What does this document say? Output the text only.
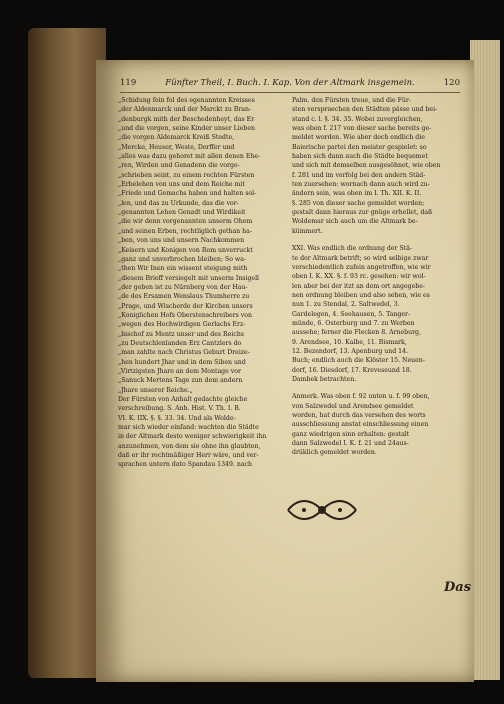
119	Fünfter Theil, I. Buch. I. Kap. Von der Altmark insgemein.	120
„Schidung fein fol des egenannten Kreisses
„der Aldenmarck und der Marckt zu Bran-
„denburgk mith der Beschedenheyt, das Er
„und die vorgen, seine Kinder unser Lieben
„die vorgen Aldemarck Kreiß Stedte,
„Mercke, Heuser, Weste, Dorffer und
„alles was dazu gehoret mit allen denen Ehe-
„ren, Wirden und Genadenn die vorge-
„schrieben seint, zu einem rechten Fürsten
„Erbelehen von uns und dem Reiche mit
„Friede und Gemachs haben und halten sol-
„len, und das zu Urkunde, das die vor-
„genannten Lehen Genadt und Wirdikeit
„die wir denn vorgenannten unserm Ohem
„und seinen Erben, rechtliglich gethan ha-
„ben, von uns und unsern Nachkommen
„Keisern und Konigen von Rom unverruckt
„ganz und unverbrochen bleiben; So wa-
„then Wir Inen ein wissent steigung mith
„diesem Brieff versiegelt mit unserm Insigell
„der geben ist zu Nürnberg von der Hau-
„de des Ersamen Wenslaus Thumherre zu
„Prage, und Wischerde der Kirchen unsers
„Koniglichen Hofs Oberstenschreibers von
„wegen des Hochwirdigen Gerlachs Erz-
„bischof zu Mentz unser und des Reichs
„zu Deutschlenlanden Erz Cantzlers do
„man zahlte nach Christus Geburt Dreize-
„hen hundert Jhar und in dem Siben und
„Virtzigsten Jhare an dem Montage vor
„Sanuck Mertens Tage zun dem andern
„Jhare unserer Reiche.„
Der Fürsten von Anhalt gedachte gleiche
verschreibung. S. Anh. Hist. V. Th. I. B.
VI. K. IIX. §. §. 33. 34. Und als Wolde-
mar sich wieder einfand: wachten die Städte
in der Altmark desto weniger schwierigkeit ihn
anzunehmen, von dem sie ohne ihn glaubten,
daß er ihr rechtmäßiger Herr wäre, und ver-
sprachen untern dato Spandau 1349. nach
Palm. den Fürsten treue, und die Für-
sten verspraechen den Städten pässe und bei-
stand c. l. §. 34. 35. Wobei zuvergleichen,
was oben f. 217 von dieser sache bereits ge-
meldet worden. Wie aber doch endlich die
Baierische partei den meister gespielet: so
haben sich dann auch die Städte bequemet
und sich mit demselben ausgesöhnet, wie oben
f. 281 und im verfolg bei den andern Städ-
ten zuersehen: wornach dann auch wird zu-
ändern sein, was oben im I. Th. XII. K. II.
§. 285 von dieser sache gemeldet worden;
gestalt dann hieraus zur gnüge erhellet, daß
Woldemar sich auch um die Altmark be-
kümmert.
XXI. Was endlich die ordnung der Stä-
te der Altmark betrift; so wird selbige zwar
verschiedentlich zufein angetroffen, wie wir
oben I. K. XX. §. f. 93 rc. gesehen: wir wol-
len aber bei der itzt an dem ort angegebe-
nen ordnung bleiben und also sehen, wie es
nun 1. zu Stendal, 2. Saltwedel, 3.
Gardelegen, 4. Seehausen, 5. Tanger-
münde, 6. Osterburg und 7. zu Werben
aussehe; ferner die Flecken 8. Arneburg,
9. Arendsee, 10. Kalbe, 11. Bismark,
12. Bezendorf, 13. Apenburg und 14.
Buch; endlich auch die Klöster 15. Neuen-
dorf, 16. Diesdorf, 17. Kreveseund 18.
Dambek betrachten.
Anmerk. Was oben f. 92 unten u. f. 99 oben,
von Salzwedel und Arendsee gemeldet
worden, hat durch das versehen des worts
ausschliessung anstat einschliessung einen
ganz wiedrigen sinn erhalten: gestalt
dann Salzwedel I. K. f. 21 und 24aus-
drüklich gemeldet worden.
Das
